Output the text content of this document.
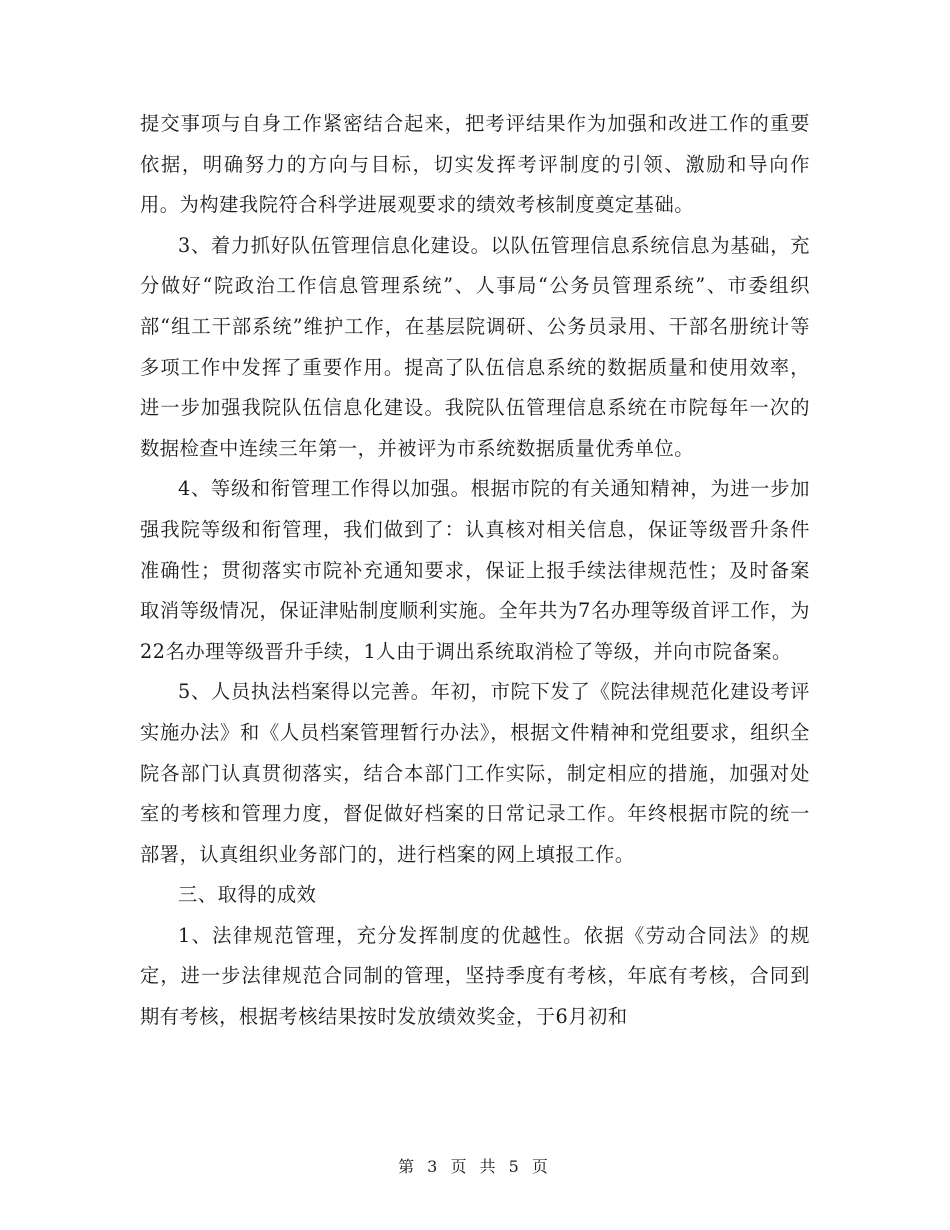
提交事项与自身工作紧密结合起来，把考评结果作为加强和改进工作的重要依据，明确努力的方向与目标，切实发挥考评制度的引领、激励和导向作用。为构建我院符合科学进展观要求的绩效考核制度奠定基础。

3、着力抓好队伍管理信息化建设。以队伍管理信息系统信息为基础，充分做好“院政治工作信息管理系统”、人事局“公务员管理系统”、市委组织部“组工干部系统”维护工作，在基层院调研、公务员录用、干部名册统计等多项工作中发挥了重要作用。提高了队伍信息系统的数据质量和使用效率，进一步加强我院队伍信息化建设。我院队伍管理信息系统在市院每年一次的数据检查中连续三年第一，并被评为市系统数据质量优秀单位。

4、等级和衔管理工作得以加强。根据市院的有关通知精神，为进一步加强我院等级和衔管理，我们做到了：认真核对相关信息，保证等级晋升条件准确性；贯彻落实市院补充通知要求，保证上报手续法律规范性；及时备案取消等级情况，保证津贴制度顺利实施。全年共为7名办理等级首评工作，为22名办理等级晋升手续，1人由于调出系统取消检了等级，并向市院备案。

5、人员执法档案得以完善。年初，市院下发了《院法律规范化建设考评实施办法》和《人员档案管理暂行办法》，根据文件精神和党组要求，组织全院各部门认真贯彻落实，结合本部门工作实际，制定相应的措施，加强对处室的考核和管理力度，督促做好档案的日常记录工作。年终根据市院的统一部署，认真组织业务部门的，进行档案的网上填报工作。

三、取得的成效

1、法律规范管理，充分发挥制度的优越性。依据《劳动合同法》的规定，进一步法律规范合同制的管理，坚持季度有考核，年底有考核，合同到期有考核，根据考核结果按时发放绩效奖金，于6月初和

第 3 页 共 5 页
